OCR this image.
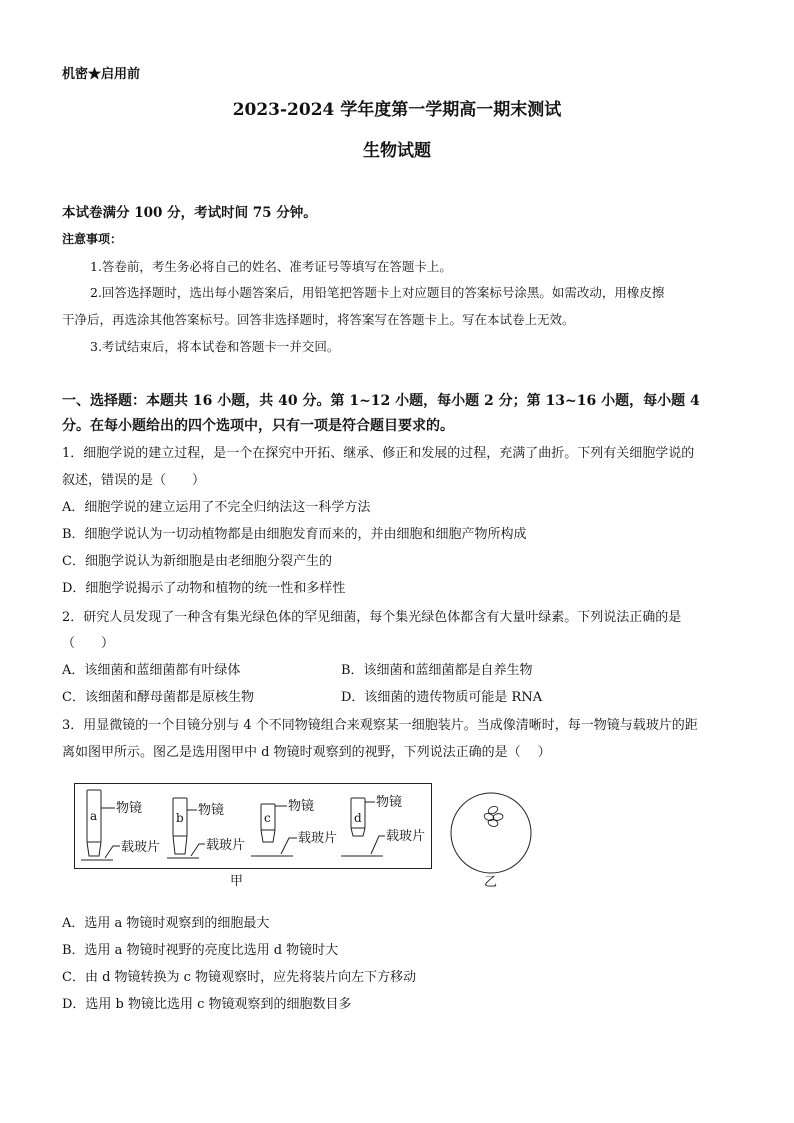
机密★启用前
2023-2024 学年度第一学期高一期末测试
生物试题
本试卷满分 100 分，考试时间 75 分钟。
注意事项：
1.答卷前，考生务必将自己的姓名、准考证号等填写在答题卡上。
2.回答选择题时，选出每小题答案后，用铅笔把答题卡上对应题目的答案标号涂黑。如需改动，用橡皮擦
干净后，再选涂其他答案标号。回答非选择题时，将答案写在答题卡上。写在本试卷上无效。
3.考试结束后，将本试卷和答题卡一并交回。
一、选择题：本题共 16 小题，共 40 分。第 1~12 小题，每小题 2 分；第 13~16 小题，每小题 4
分。在每小题给出的四个选项中，只有一项是符合题目要求的。
1．细胞学说的建立过程，是一个在探究中开拓、继承、修正和发展的过程，充满了曲折。下列有关细胞学说的
叙述，错误的是（　　）
A．细胞学说的建立运用了不完全归纳法这一科学方法
B．细胞学说认为一切动植物都是由细胞发育而来的，并由细胞和细胞产物所构成
C．细胞学说认为新细胞是由老细胞分裂产生的
D．细胞学说揭示了动物和植物的统一性和多样性
2．研究人员发现了一种含有集光绿色体的罕见细菌，每个集光绿色体都含有大量叶绿素。下列说法正确的是
（　　）
A．该细菌和蓝细菌都有叶绿体	B．该细菌和蓝细菌都是自养生物
C．该细菌和酵母菌都是原核生物	D．该细菌的遗传物质可能是 RNA
3．用显微镜的一个目镜分别与 4 个不同物镜组合来观察某一细胞装片。当成像清晰时，每一物镜与载玻片的距
离如图甲所示。图乙是选用图甲中 d 物镜时观察到的视野，下列说法正确的是（　 ）
a	b	c	d
物镜	物镜	物镜	物镜
载玻片	载玻片	载玻片	载玻片
甲	乙
A．选用 a 物镜时观察到的细胞最大
B．选用 a 物镜时视野的亮度比选用 d 物镜时大
C．由 d 物镜转换为 c 物镜观察时，应先将装片向左下方移动
D．选用 b 物镜比选用 c 物镜观察到的细胞数目多
